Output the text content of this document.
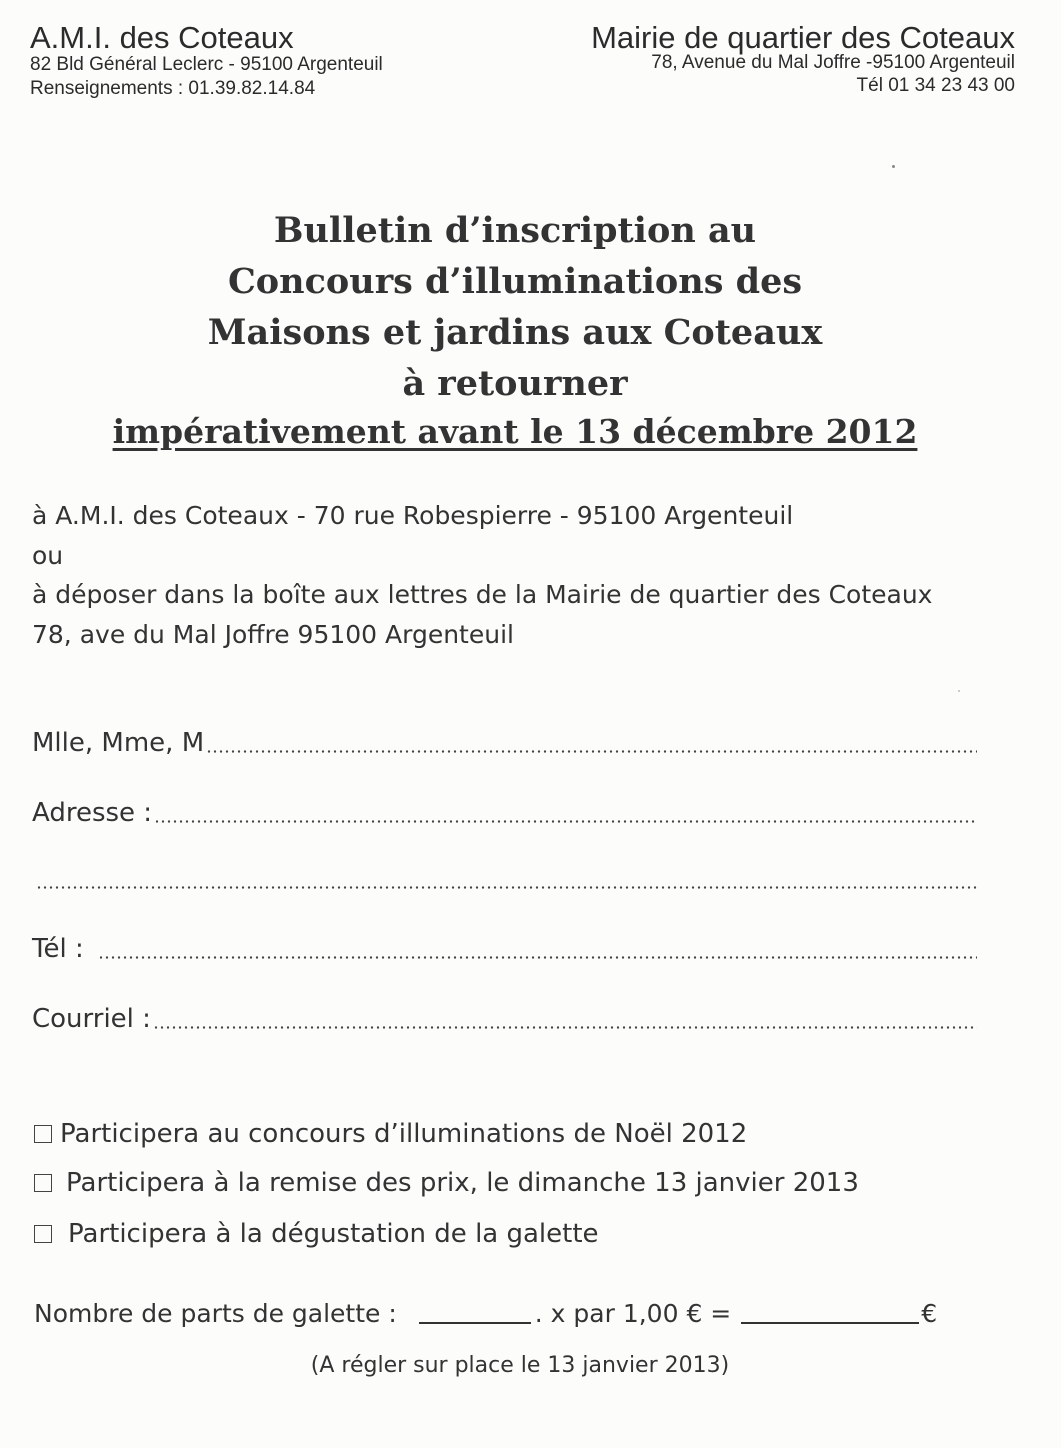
A.M.I. des Coteaux
82 Bld Général Leclerc - 95100 Argenteuil
Renseignements : 01.39.82.14.84
Mairie de quartier des Coteaux
78, Avenue du Mal Joffre -95100 Argenteuil
Tél 01 34 23 43 00
Bulletin d’inscription au
Concours d’illuminations des
Maisons et jardins aux Coteaux
à retourner
impérativement avant le 13 décembre 2012
à A.M.I. des Coteaux - 70 rue Robespierre - 95100 Argenteuil
ou
à déposer dans la boîte aux lettres de la Mairie de quartier des Coteaux
78, ave du Mal Joffre 95100 Argenteuil
Mlle, Mme, M
Adresse :
Tél :
Courriel :
Participera au concours d’illuminations de Noël 2012
Participera à la remise des prix, le dimanche 13 janvier 2013
Participera à la dégustation de la galette
Nombre de parts de galette :	. x par 1,00 € =	€
(A régler sur place le 13 janvier 2013)
